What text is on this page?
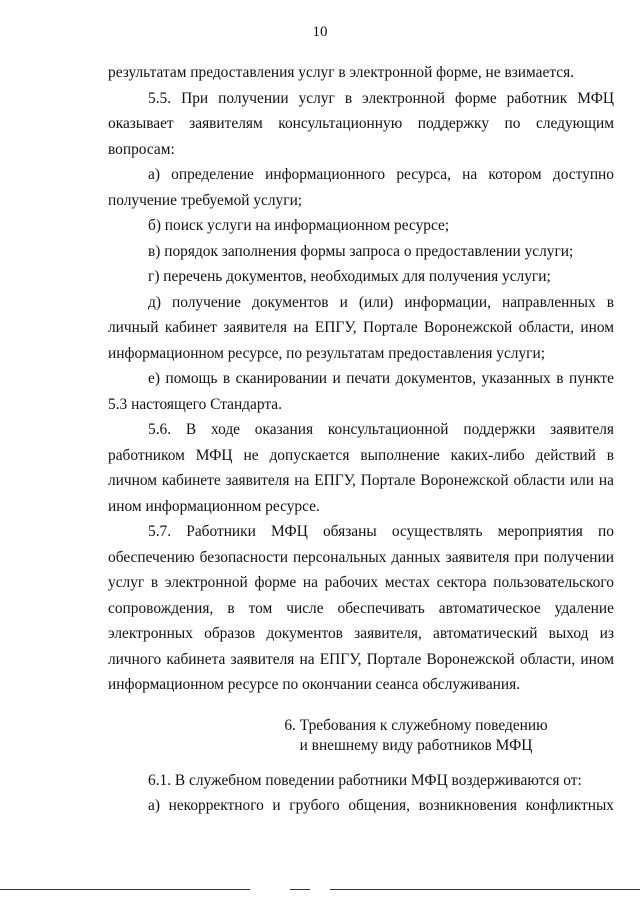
10

результатам предоставления услуг в электронной форме, не взимается.

5.5. При получении услуг в электронной форме работник МФЦ оказывает заявителям консультационную поддержку по следующим вопросам:

а) определение информационного ресурса, на котором доступно получение требуемой услуги;

б) поиск услуги на информационном ресурсе;

в) порядок заполнения формы запроса о предоставлении услуги;

г) перечень документов, необходимых для получения услуги;

д) получение документов и (или) информации, направленных в личный кабинет заявителя на ЕПГУ, Портале Воронежской области, ином информационном ресурсе, по результатам предоставления услуги;

е) помощь в сканировании и печати документов, указанных в пункте 5.3 настоящего Стандарта.

5.6. В ходе оказания консультационной поддержки заявителя работником МФЦ не допускается выполнение каких-либо действий в личном кабинете заявителя на ЕПГУ, Портале Воронежской области или на ином информационном ресурсе.

5.7. Работники МФЦ обязаны осуществлять мероприятия по обеспечению безопасности персональных данных заявителя при получении услуг в электронной форме на рабочих местах сектора пользовательского сопровождения, в том числе обеспечивать автоматическое удаление электронных образов документов заявителя, автоматический выход из личного кабинета заявителя на ЕПГУ, Портале Воронежской области, ином информационном ресурсе по окончании сеанса обслуживания.

6. Требования к служебному поведению
и внешнему виду работников МФЦ

6.1. В служебном поведении работники МФЦ воздерживаются от:

а) некорректного и грубого общения, возникновения конфликтных
